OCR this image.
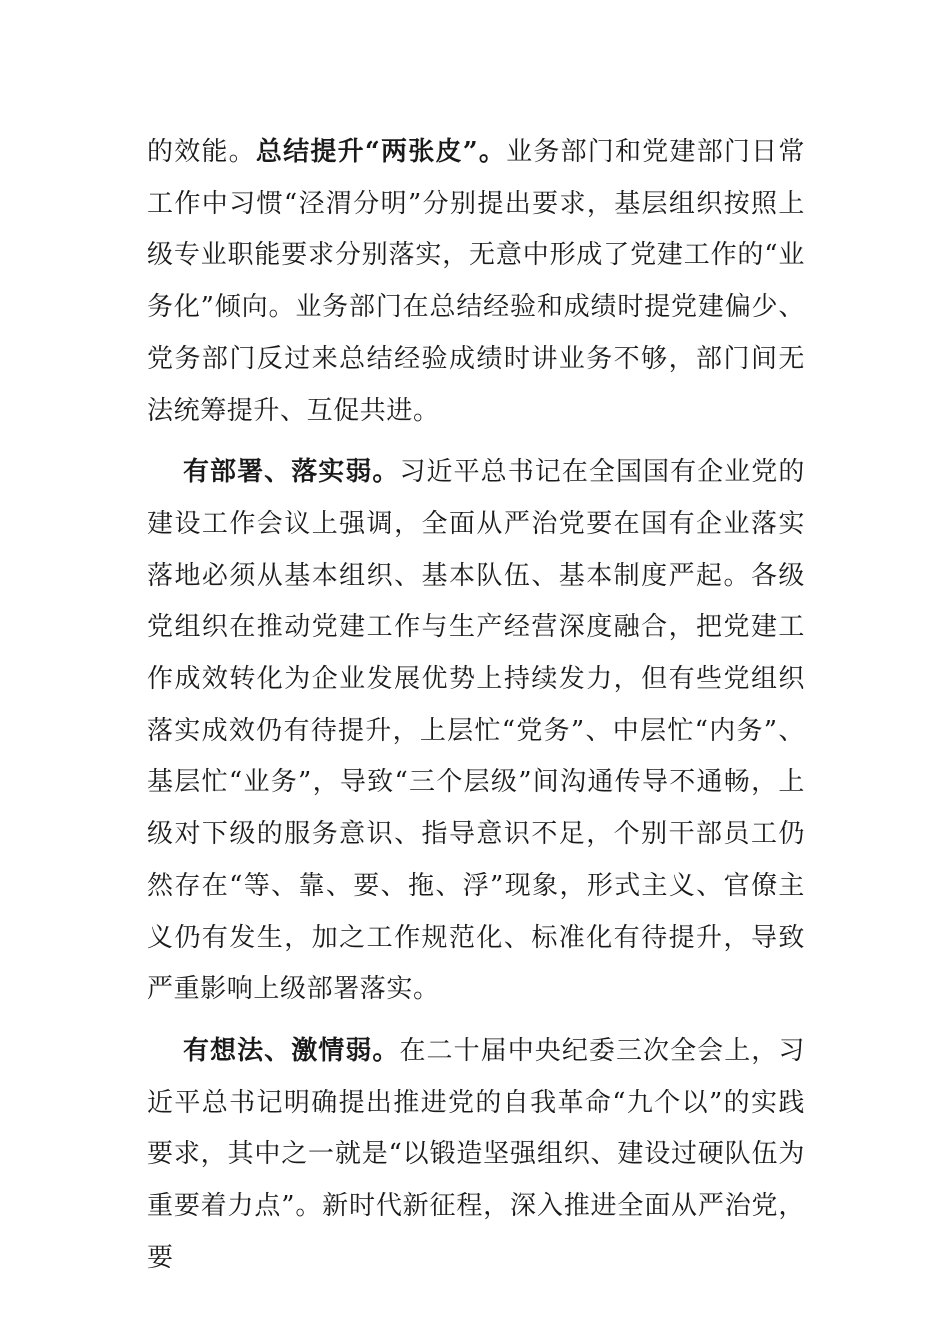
的效能。总结提升“两张皮”。业务部门和党建部门日常工作中习惯“泾渭分明”分别提出要求，基层组织按照上级专业职能要求分别落实，无意中形成了党建工作的“业务化”倾向。业务部门在总结经验和成绩时提党建偏少、党务部门反过来总结经验成绩时讲业务不够，部门间无法统筹提升、互促共进。

有部署、落实弱。习近平总书记在全国国有企业党的建设工作会议上强调，全面从严治党要在国有企业落实落地必须从基本组织、基本队伍、基本制度严起。各级党组织在推动党建工作与生产经营深度融合，把党建工作成效转化为企业发展优势上持续发力，但有些党组织落实成效仍有待提升，上层忙“党务”、中层忙“内务”、基层忙“业务”，导致“三个层级”间沟通传导不通畅，上级对下级的服务意识、指导意识不足，个别干部员工仍然存在“等、靠、要、拖、浮”现象，形式主义、官僚主义仍有发生，加之工作规范化、标准化有待提升，导致严重影响上级部署落实。

有想法、激情弱。在二十届中央纪委三次全会上，习近平总书记明确提出推进党的自我革命“九个以”的实践要求，其中之一就是“以锻造坚强组织、建设过硬队伍为重要着力点”。新时代新征程，深入推进全面从严治党，要
